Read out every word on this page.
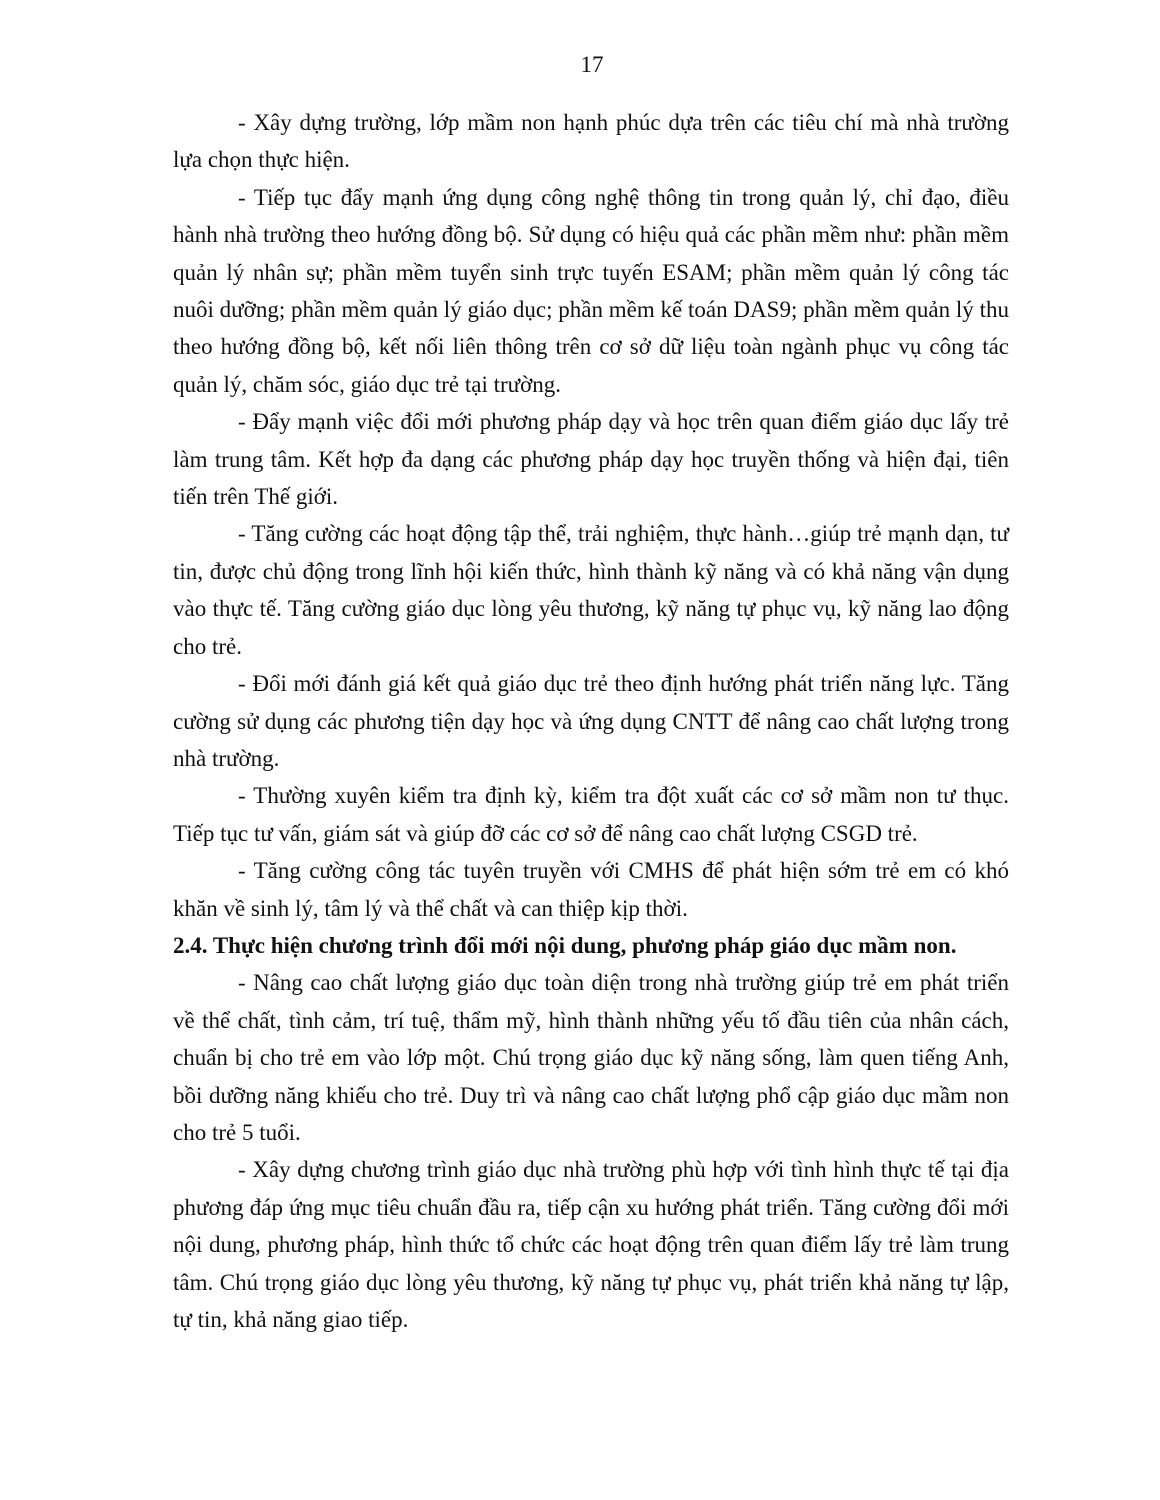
17

- Xây dựng trường, lớp mầm non hạnh phúc dựa trên các tiêu chí mà nhà trường lựa chọn thực hiện.

- Tiếp tục đẩy mạnh ứng dụng công nghệ thông tin trong quản lý, chỉ đạo, điều hành nhà trường theo hướng đồng bộ. Sử dụng có hiệu quả các phần mềm như: phần mềm quản lý nhân sự; phần mềm tuyển sinh trực tuyến ESAM; phần mềm quản lý công tác nuôi dưỡng; phần mềm quản lý giáo dục; phần mềm kế toán DAS9; phần mềm quản lý thu theo hướng đồng bộ, kết nối liên thông trên cơ sở dữ liệu toàn ngành phục vụ công tác quản lý, chăm sóc, giáo dục trẻ tại trường.

- Đẩy mạnh việc đổi mới phương pháp dạy và học trên quan điểm giáo dục lấy trẻ làm trung tâm. Kết hợp đa dạng các phương pháp dạy học truyền thống và hiện đại, tiên tiến trên Thế giới.

- Tăng cường các hoạt động tập thể, trải nghiệm, thực hành…giúp trẻ mạnh dạn, tư tin, được chủ động trong lĩnh hội kiến thức, hình thành kỹ năng và có khả năng vận dụng vào thực tế. Tăng cường giáo dục lòng yêu thương, kỹ năng tự phục vụ, kỹ năng lao động cho trẻ.

- Đổi mới đánh giá kết quả giáo dục trẻ theo định hướng phát triển năng lực. Tăng cường sử dụng các phương tiện dạy học và ứng dụng CNTT để nâng cao chất lượng trong nhà trường.

- Thường xuyên kiểm tra định kỳ, kiểm tra đột xuất các cơ sở mầm non tư thục. Tiếp tục tư vấn, giám sát và giúp đỡ các cơ sở để nâng cao chất lượng CSGD trẻ.

- Tăng cường công tác tuyên truyền với CMHS để phát hiện sớm trẻ em có khó khăn về sinh lý, tâm lý và thể chất và can thiệp kịp thời.

2.4. Thực hiện chương trình đổi mới nội dung, phương pháp giáo dục mầm non.

- Nâng cao chất lượng giáo dục toàn diện trong nhà trường giúp trẻ em phát triển về thể chất, tình cảm, trí tuệ, thẩm mỹ, hình thành những yếu tố đầu tiên của nhân cách, chuẩn bị cho trẻ em vào lớp một. Chú trọng giáo dục kỹ năng sống, làm quen tiếng Anh, bồi dưỡng năng khiếu cho trẻ. Duy trì và nâng cao chất lượng phổ cập giáo dục mầm non cho trẻ 5 tuổi.

- Xây dựng chương trình giáo dục nhà trường phù hợp với tình hình thực tế tại địa phương đáp ứng mục tiêu chuẩn đầu ra, tiếp cận xu hướng phát triển. Tăng cường đổi mới nội dung, phương pháp, hình thức tổ chức các hoạt động trên quan điểm lấy trẻ làm trung tâm. Chú trọng giáo dục lòng yêu thương, kỹ năng tự phục vụ, phát triển khả năng tự lập, tự tin, khả năng giao tiếp.
